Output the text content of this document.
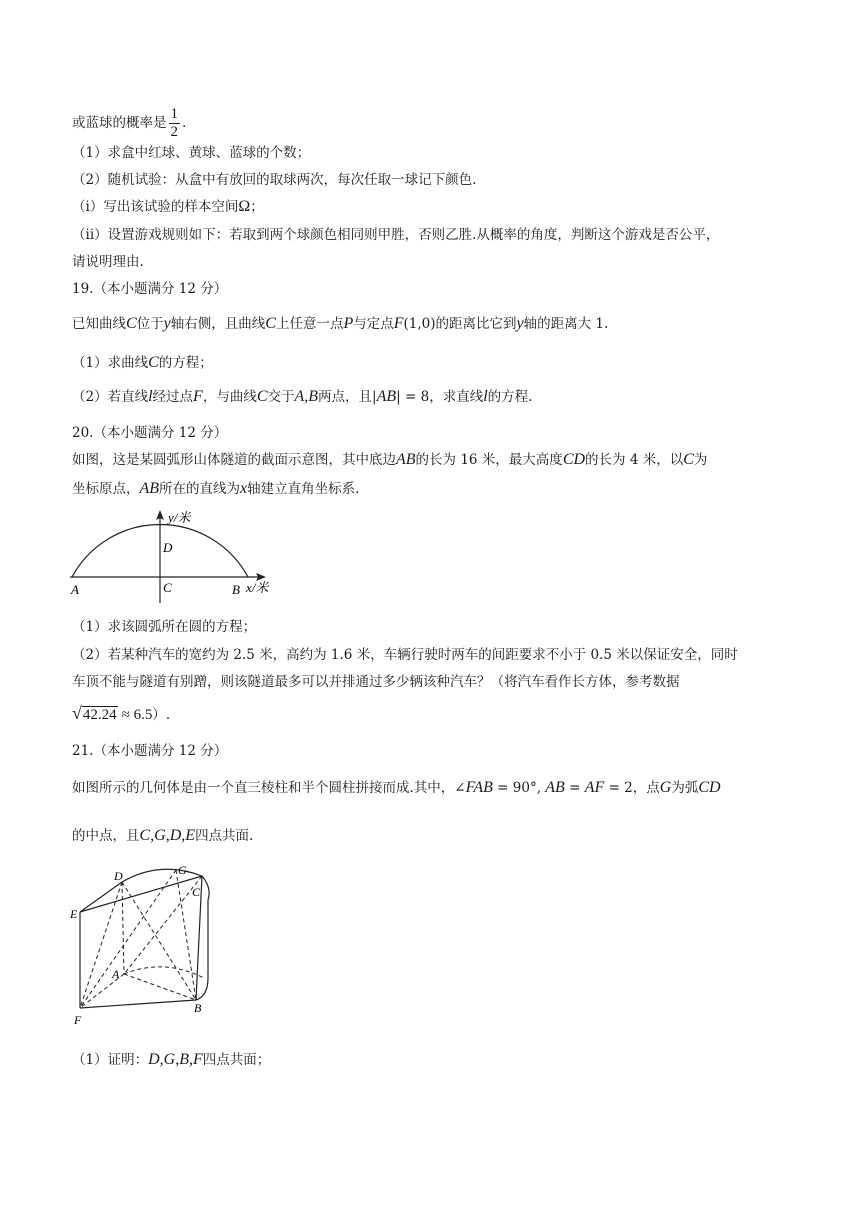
或蓝球的概率是 $\frac{1}{2}$ .
（1）求盒中红球、黄球、蓝球的个数；
（2）随机试验：从盒中有放回的取球两次，每次任取一球记下颜色.
（i）写出该试验的样本空间Ω；
（ii）设置游戏规则如下：若取到两个球颜色相同则甲胜，否则乙胜.从概率的角度，判断这个游戏是否公平，
请说明理由.
19.（本小题满分 12 分）
已知曲线C位于y轴右侧，且曲线C上任意一点P与定点F(1,0)的距离比它到y轴的距离大 1.
（1）求曲线C的方程；
（2）若直线l经过点F，与曲线C交于A,B两点，且|AB| = 8，求直线l的方程.
20.（本小题满分 12 分）
如图，这是某圆弧形山体隧道的截面示意图，其中底边AB的长为 16 米，最大高度CD的长为 4 米，以C为
坐标原点，AB所在的直线为x轴建立直角坐标系.
y/米
x/米
D
C
A	B
（1）求该圆弧所在圆的方程；
（2）若某种汽车的宽约为 2.5 米，高约为 1.6 米，车辆行驶时两车的间距要求不小于 0.5 米以保证安全，同时
车顶不能与隧道有别蹭，则该隧道最多可以并排通过多少辆该种汽车？（将汽车看作长方体，参考数据
√42.24 ≈ 6.5）.
21.（本小题满分 12 分）
如图所示的几何体是由一个直三棱柱和半个圆柱拼接而成.其中，∠FAB = 90°, AB = AF = 2，点G为弧CD
的中点，且C,G,D,E四点共面.
D	G
C
E
A
B
F
（1）证明：D,G,B,F四点共面；
